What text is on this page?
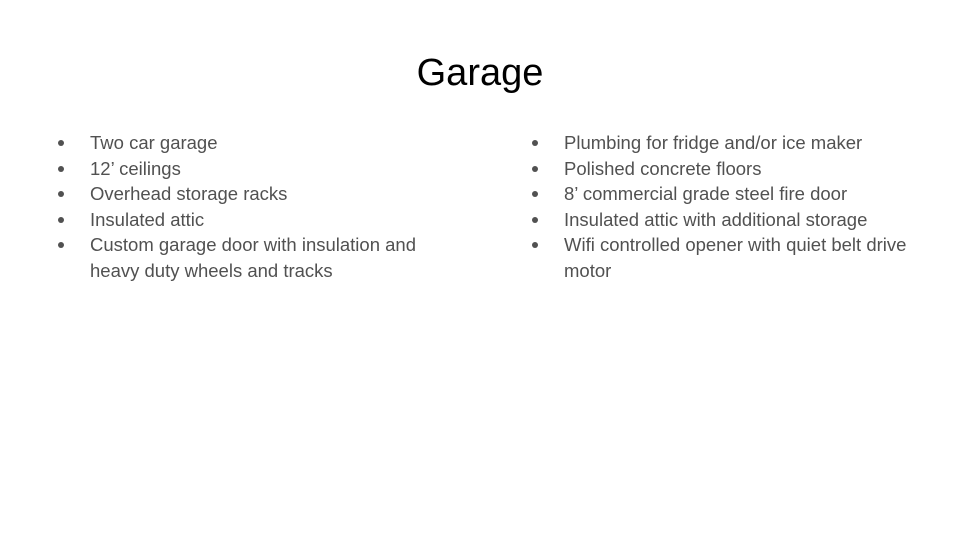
Garage
Two car garage
12’ ceilings
Overhead storage racks
Insulated attic
Custom garage door with insulation and heavy duty wheels and tracks
Plumbing for fridge and/or ice maker
Polished concrete floors
8’ commercial grade steel fire door
Insulated attic with additional storage
Wifi controlled opener with quiet belt drive motor
